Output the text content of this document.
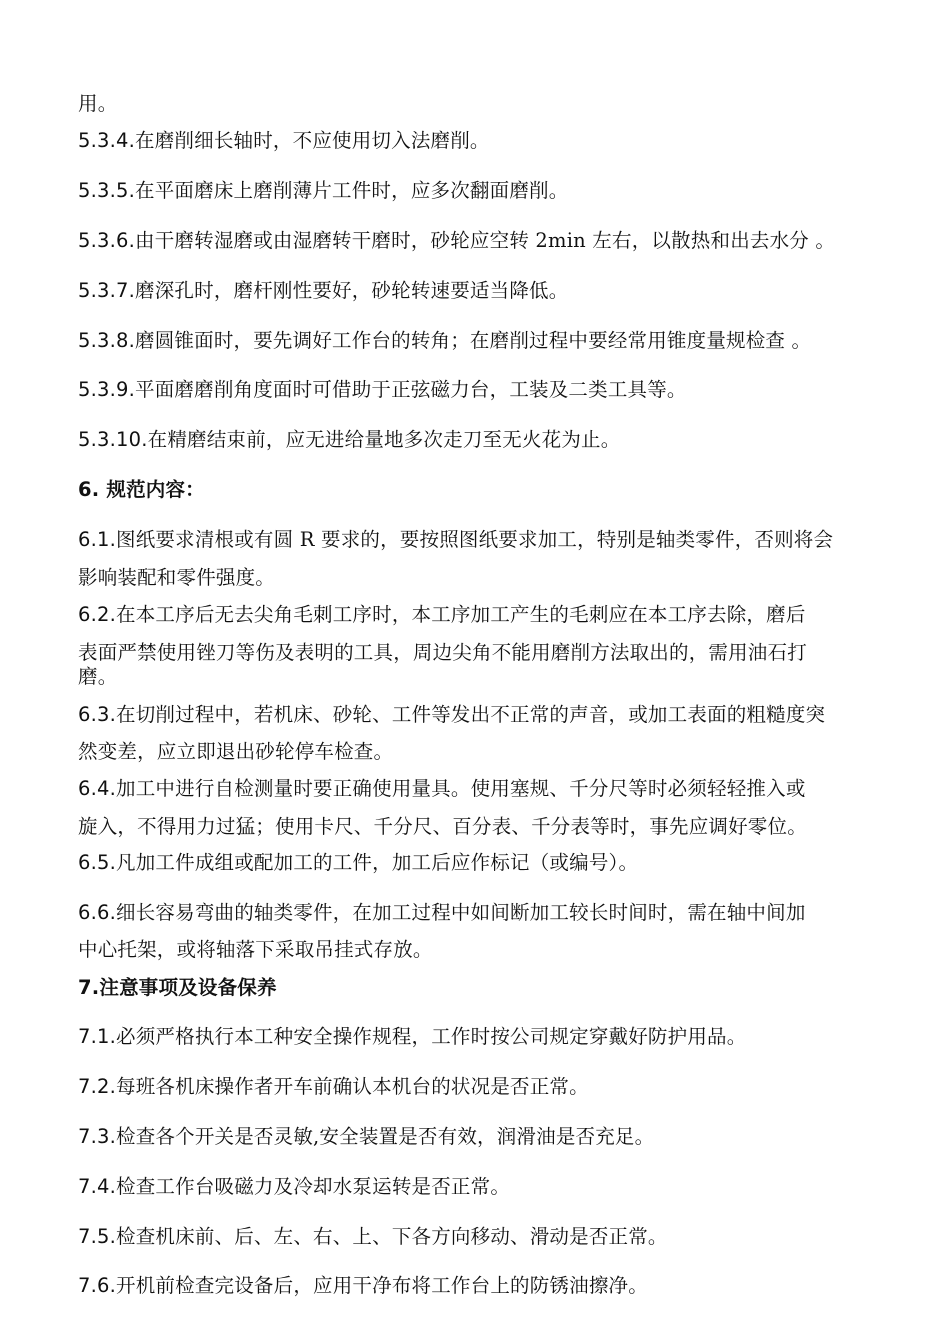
用。
5.3.4.在磨削细长轴时，不应使用切入法磨削。
5.3.5.在平面磨床上磨削薄片工件时，应多次翻面磨削。
5.3.6.由干磨转湿磨或由湿磨转干磨时，砂轮应空转 2min 左右，以散热和出去水分 。
5.3.7.磨深孔时，磨杆刚性要好，砂轮转速要适当降低。
5.3.8.磨圆锥面时，要先调好工作台的转角；在磨削过程中要经常用锥度量规检查 。
5.3.9.平面磨磨削角度面时可借助于正弦磁力台，工装及二类工具等。
5.3.10.在精磨结束前，应无进给量地多次走刀至无火花为止。
6. 规范内容：
6.1.图纸要求清根或有圆 R 要求的，要按照图纸要求加工，特别是轴类零件，否则将会
影响装配和零件强度。
6.2.在本工序后无去尖角毛刺工序时，本工序加工产生的毛刺应在本工序去除，磨后
表面严禁使用锉刀等伤及表明的工具，周边尖角不能用磨削方法取出的，需用油石打
磨。
6.3.在切削过程中，若机床、砂轮、工件等发出不正常的声音，或加工表面的粗糙度突
然变差，应立即退出砂轮停车检查。
6.4.加工中进行自检测量时要正确使用量具。使用塞规、千分尺等时必须轻轻推入或
旋入，不得用力过猛；使用卡尺、千分尺、百分表、千分表等时，事先应调好零位。
6.5.凡加工件成组或配加工的工件，加工后应作标记（或编号）。
6.6.细长容易弯曲的轴类零件，在加工过程中如间断加工较长时间时，需在轴中间加
中心托架，或将轴落下采取吊挂式存放。
7.注意事项及设备保养
7.1.必须严格执行本工种安全操作规程，工作时按公司规定穿戴好防护用品。
7.2.每班各机床操作者开车前确认本机台的状况是否正常。
7.3.检查各个开关是否灵敏,安全装置是否有效，润滑油是否充足。
7.4.检查工作台吸磁力及冷却水泵运转是否正常。
7.5.检查机床前、后、左、右、上、下各方向移动、滑动是否正常。
7.6.开机前检查完设备后，应用干净布将工作台上的防锈油擦净。
